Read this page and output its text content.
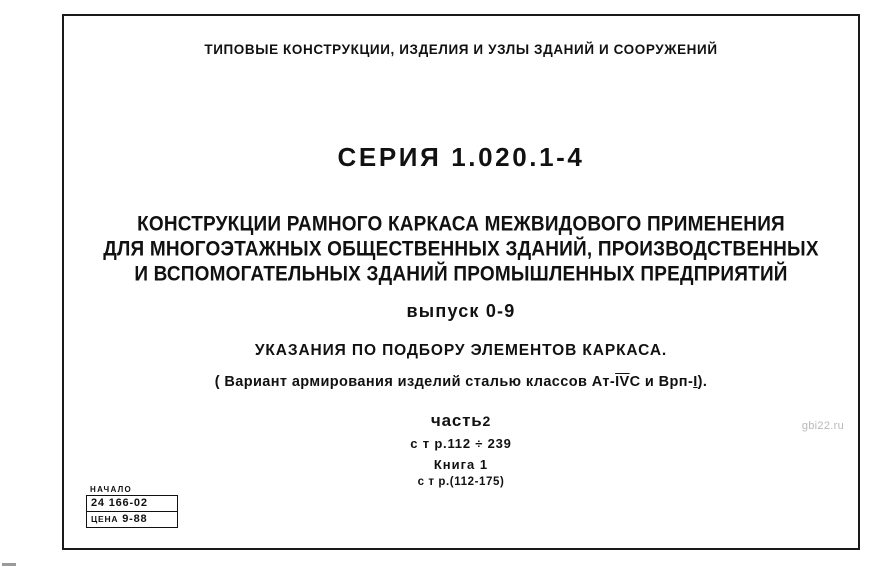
ТИПОВЫЕ КОНСТРУКЦИИ, ИЗДЕЛИЯ И УЗЛЫ ЗДАНИЙ И СООРУЖЕНИЙ
СЕРИЯ 1.020.1-4
КОНСТРУКЦИИ РАМНОГО КАРКАСА МЕЖВИДОВОГО ПРИМЕНЕНИЯ
ДЛЯ МНОГОЭТАЖНЫХ ОБЩЕСТВЕННЫХ ЗДАНИЙ, ПРОИЗВОДСТВЕННЫХ
И ВСПОМОГАТЕЛЬНЫХ ЗДАНИЙ ПРОМЫШЛЕННЫХ ПРЕДПРИЯТИЙ
выпуск 0-9
УКАЗАНИЯ ПО ПОДБОРУ ЭЛЕМЕНТОВ КАРКАСА.
( Вариант армирования изделий сталью классов $Ат-\overline{IV}С$ и Врп-I).
часть2
с т р.112 ÷ 239
Книга 1
с т р.(112-175)
НАЧАЛО
24 166-02
ЦЕНА 9-88
gbi22.ru
